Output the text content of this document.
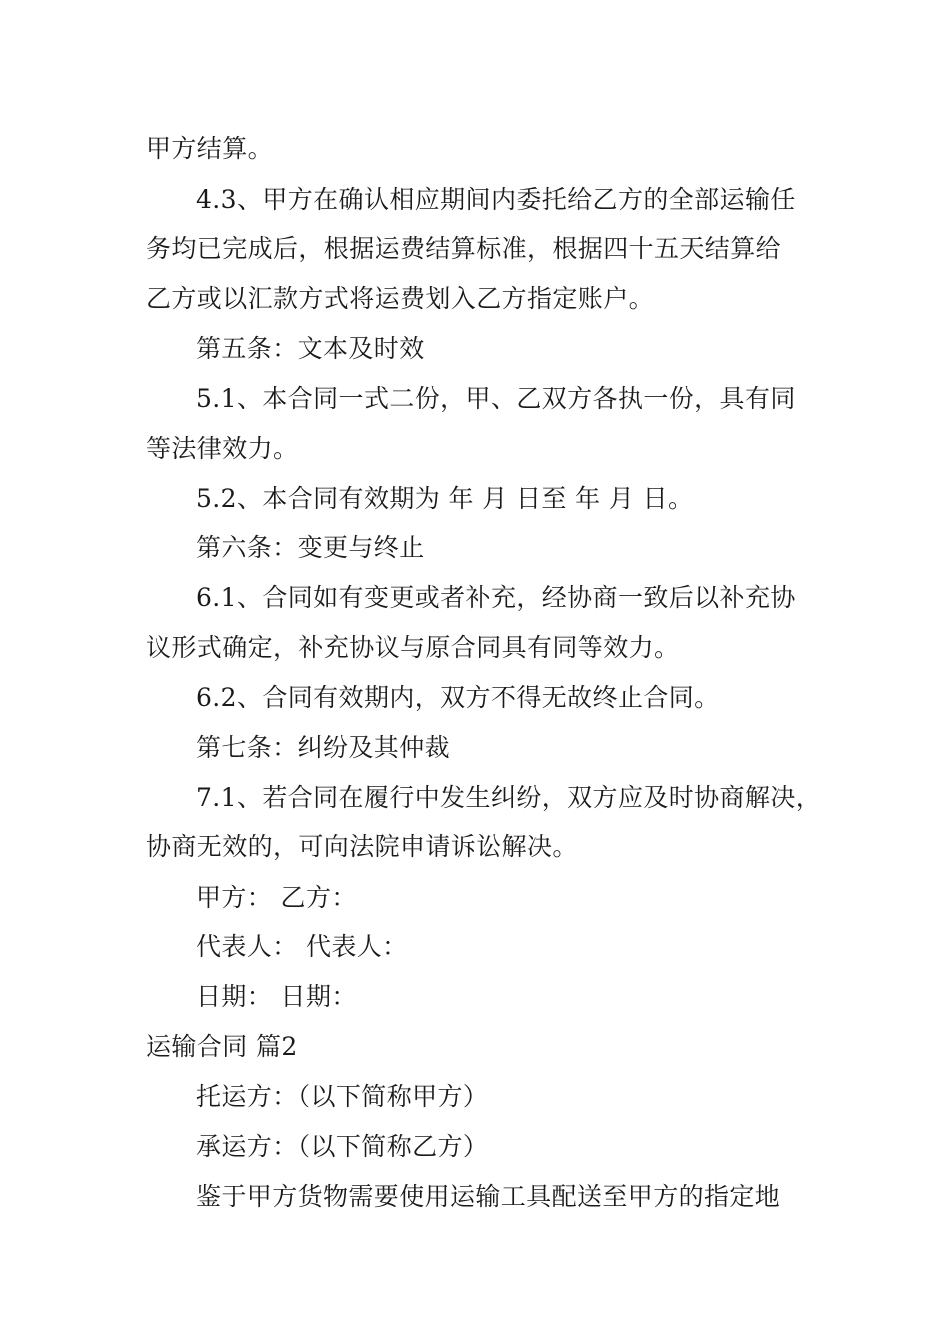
甲方结算。

4.3、甲方在确认相应期间内委托给乙方的全部运输任

务均已完成后，根据运费结算标准，根据四十五天结算给

乙方或以汇款方式将运费划入乙方指定账户。

第五条：文本及时效

5.1、本合同一式二份，甲、乙双方各执一份，具有同

等法律效力。

5.2、本合同有效期为 年 月 日至 年 月 日。

第六条：变更与终止

6.1、合同如有变更或者补充，经协商一致后以补充协

议形式确定，补充协议与原合同具有同等效力。

6.2、合同有效期内，双方不得无故终止合同。

第七条：纠纷及其仲裁

7.1、若合同在履行中发生纠纷，双方应及时协商解决，

协商无效的，可向法院申请诉讼解决。

甲方： 乙方：

代表人： 代表人：

日期： 日期：

运输合同 篇2

托运方：（以下简称甲方）

承运方：（以下简称乙方）

鉴于甲方货物需要使用运输工具配送至甲方的指定地
